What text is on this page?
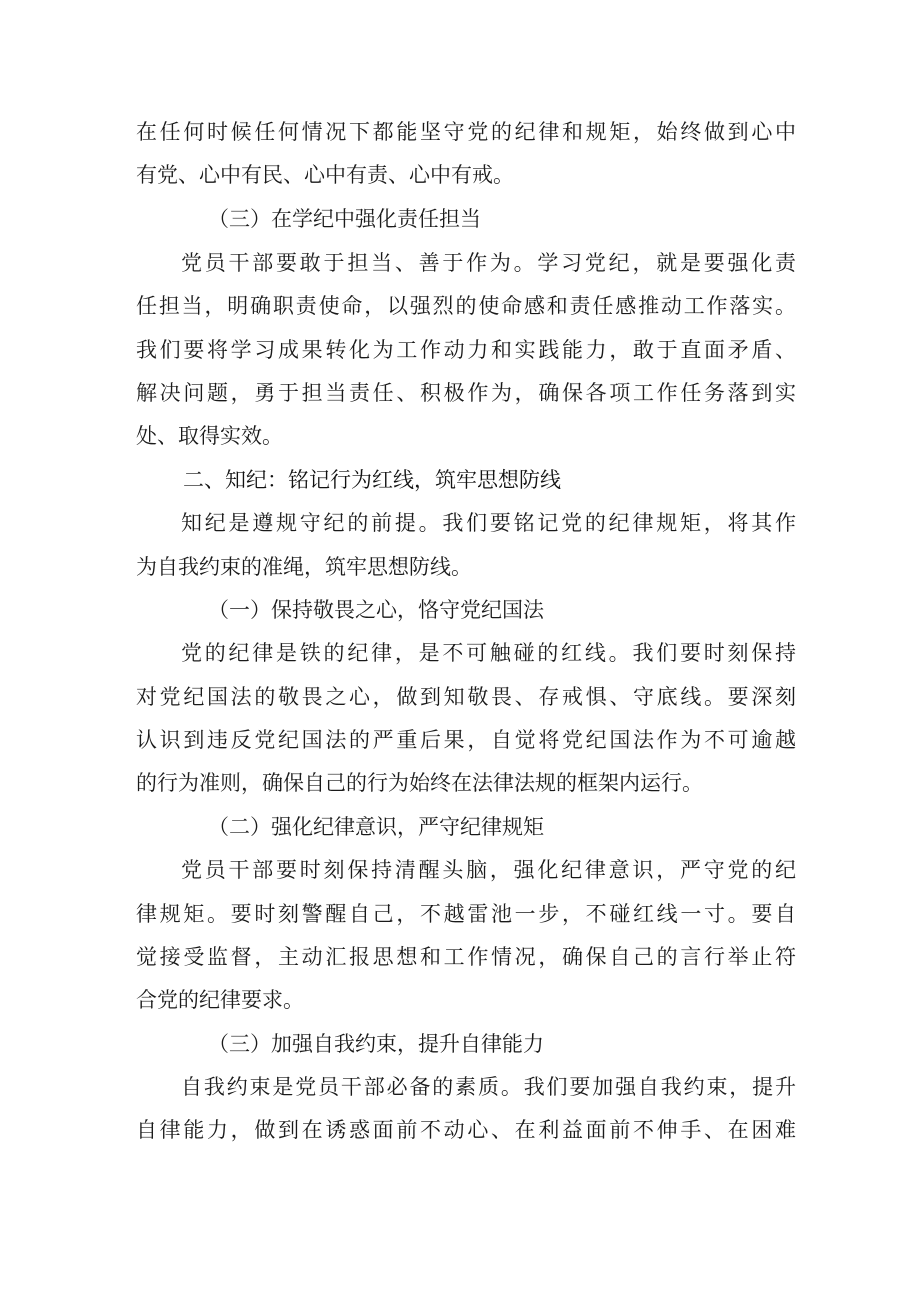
在任何时候任何情况下都能坚守党的纪律和规矩，始终做到心中

有党、心中有民、心中有责、心中有戒。

（三）在学纪中强化责任担当

党员干部要敢于担当、善于作为。学习党纪，就是要强化责

任担当，明确职责使命，以强烈的使命感和责任感推动工作落实。

我们要将学习成果转化为工作动力和实践能力，敢于直面矛盾、

解决问题，勇于担当责任、积极作为，确保各项工作任务落到实

处、取得实效。

二、知纪：铭记行为红线，筑牢思想防线

知纪是遵规守纪的前提。我们要铭记党的纪律规矩，将其作

为自我约束的准绳，筑牢思想防线。

（一）保持敬畏之心，恪守党纪国法

党的纪律是铁的纪律，是不可触碰的红线。我们要时刻保持

对党纪国法的敬畏之心，做到知敬畏、存戒惧、守底线。要深刻

认识到违反党纪国法的严重后果，自觉将党纪国法作为不可逾越

的行为准则，确保自己的行为始终在法律法规的框架内运行。

（二）强化纪律意识，严守纪律规矩

党员干部要时刻保持清醒头脑，强化纪律意识，严守党的纪

律规矩。要时刻警醒自己，不越雷池一步，不碰红线一寸。要自

觉接受监督，主动汇报思想和工作情况，确保自己的言行举止符

合党的纪律要求。

（三）加强自我约束，提升自律能力

自我约束是党员干部必备的素质。我们要加强自我约束，提升

自律能力，做到在诱惑面前不动心、在利益面前不伸手、在困难
